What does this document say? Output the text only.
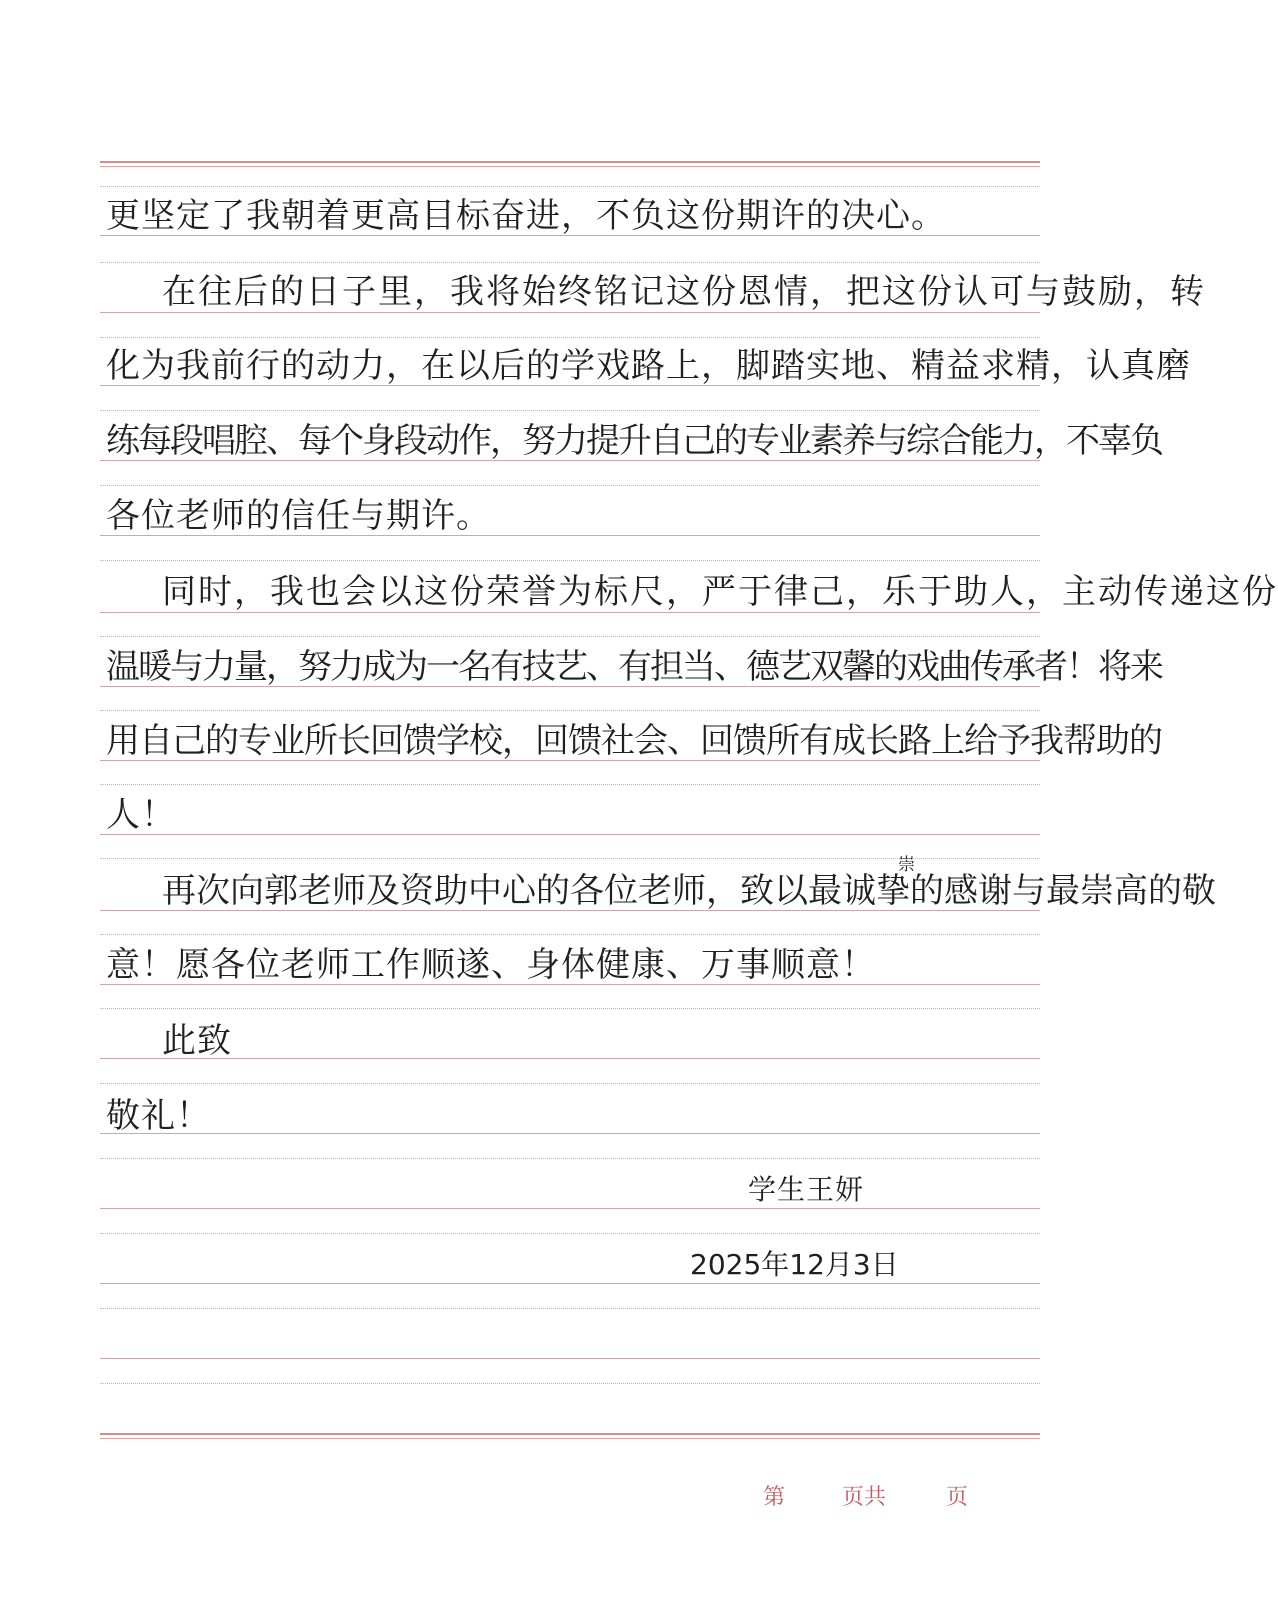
更坚定了我朝着更高目标奋进，不负这份期许的决心。
在往后的日子里，我将始终铭记这份恩情，把这份认可与鼓励，转
化为我前行的动力，在以后的学戏路上，脚踏实地、精益求精，认真磨
练每段唱腔、每个身段动作，努力提升自己的专业素养与综合能力，不辜负
各位老师的信任与期许。
同时，我也会以这份荣誉为标尺，严于律己，乐于助人，主动传递这份
温暖与力量，努力成为一名有技艺、有担当、德艺双馨的戏曲传承者！将来
用自己的专业所长回馈学校，回馈社会、回馈所有成长路上给予我帮助的
人！
崇
再次向郭老师及资助中心的各位老师，致以最诚挚的感谢与最崇高的敬
意！愿各位老师工作顺遂、身体健康、万事顺意！
此致
敬礼！
学生王妍
2025年12月3日
第	页共	页
